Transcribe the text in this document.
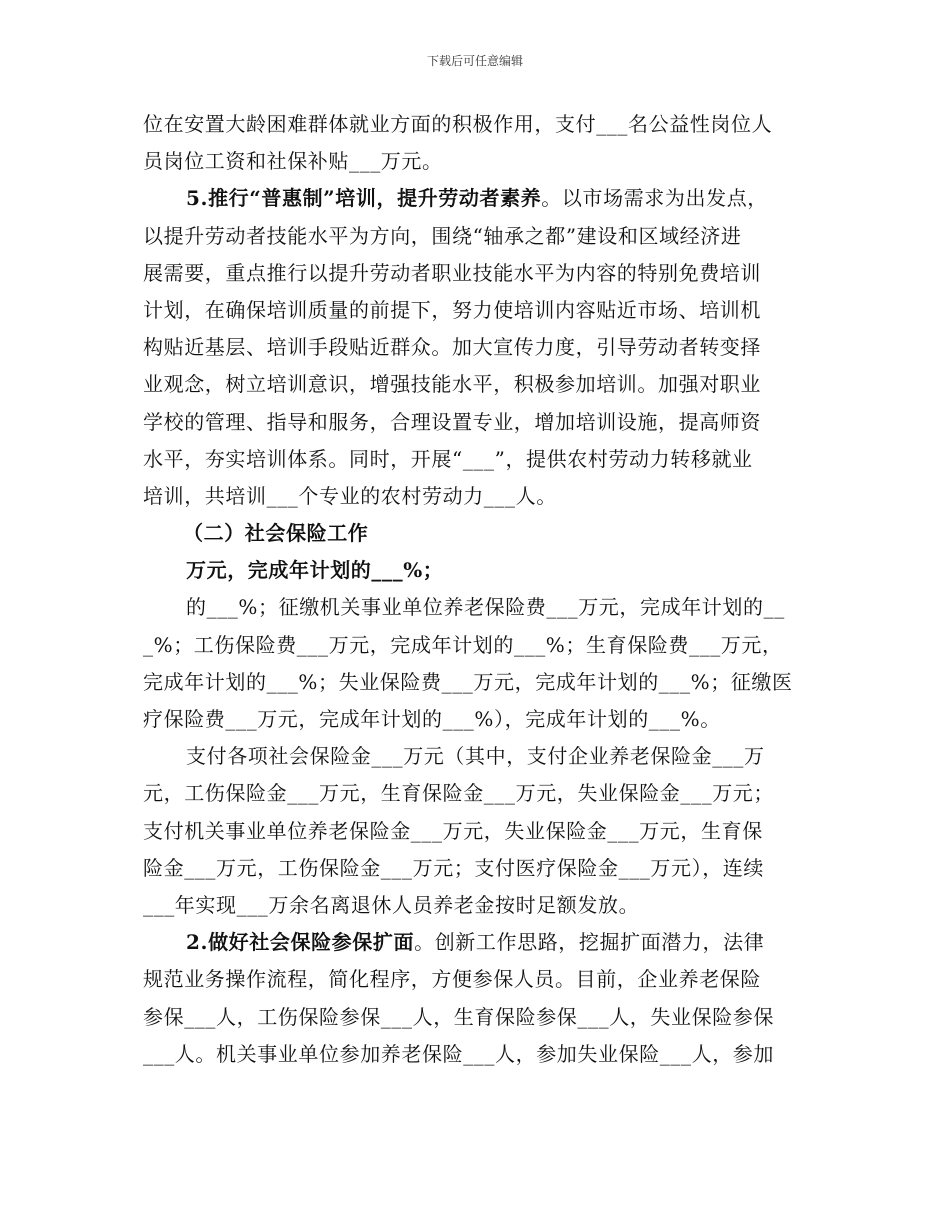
下载后可任意编辑
位在安置大龄困难群体就业方面的积极作用，支付___名公益性岗位人
员岗位工资和社保补贴___万元。
5.推行“普惠制”培训，提升劳动者素养。以市场需求为出发点，
以提升劳动者技能水平为方向，围绕“轴承之都”建设和区域经济进
展需要，重点推行以提升劳动者职业技能水平为内容的特别免费培训
计划，在确保培训质量的前提下，努力使培训内容贴近市场、培训机
构贴近基层、培训手段贴近群众。加大宣传力度，引导劳动者转变择
业观念，树立培训意识，增强技能水平，积极参加培训。加强对职业
学校的管理、指导和服务，合理设置专业，增加培训设施，提高师资
水平，夯实培训体系。同时，开展“___”，提供农村劳动力转移就业
培训，共培训___个专业的农村劳动力___人。
（二）社会保险工作
万元，完成年计划的___%；
的___%；征缴机关事业单位养老保险费___万元，完成年计划的__
_%；工伤保险费___万元，完成年计划的___%；生育保险费___万元，
完成年计划的___%；失业保险费___万元，完成年计划的___%；征缴医
疗保险费___万元，完成年计划的___%），完成年计划的___%。
支付各项社会保险金___万元（其中，支付企业养老保险金___万
元，工伤保险金___万元，生育保险金___万元，失业保险金___万元；
支付机关事业单位养老保险金___万元，失业保险金___万元，生育保
险金___万元，工伤保险金___万元；支付医疗保险金___万元），连续
___年实现___万余名离退休人员养老金按时足额发放。
2.做好社会保险参保扩面。创新工作思路，挖掘扩面潜力，法律
规范业务操作流程，简化程序，方便参保人员。目前，企业养老保险
参保___人，工伤保险参保___人，生育保险参保___人，失业保险参保
___人。机关事业单位参加养老保险___人，参加失业保险___人，参加
